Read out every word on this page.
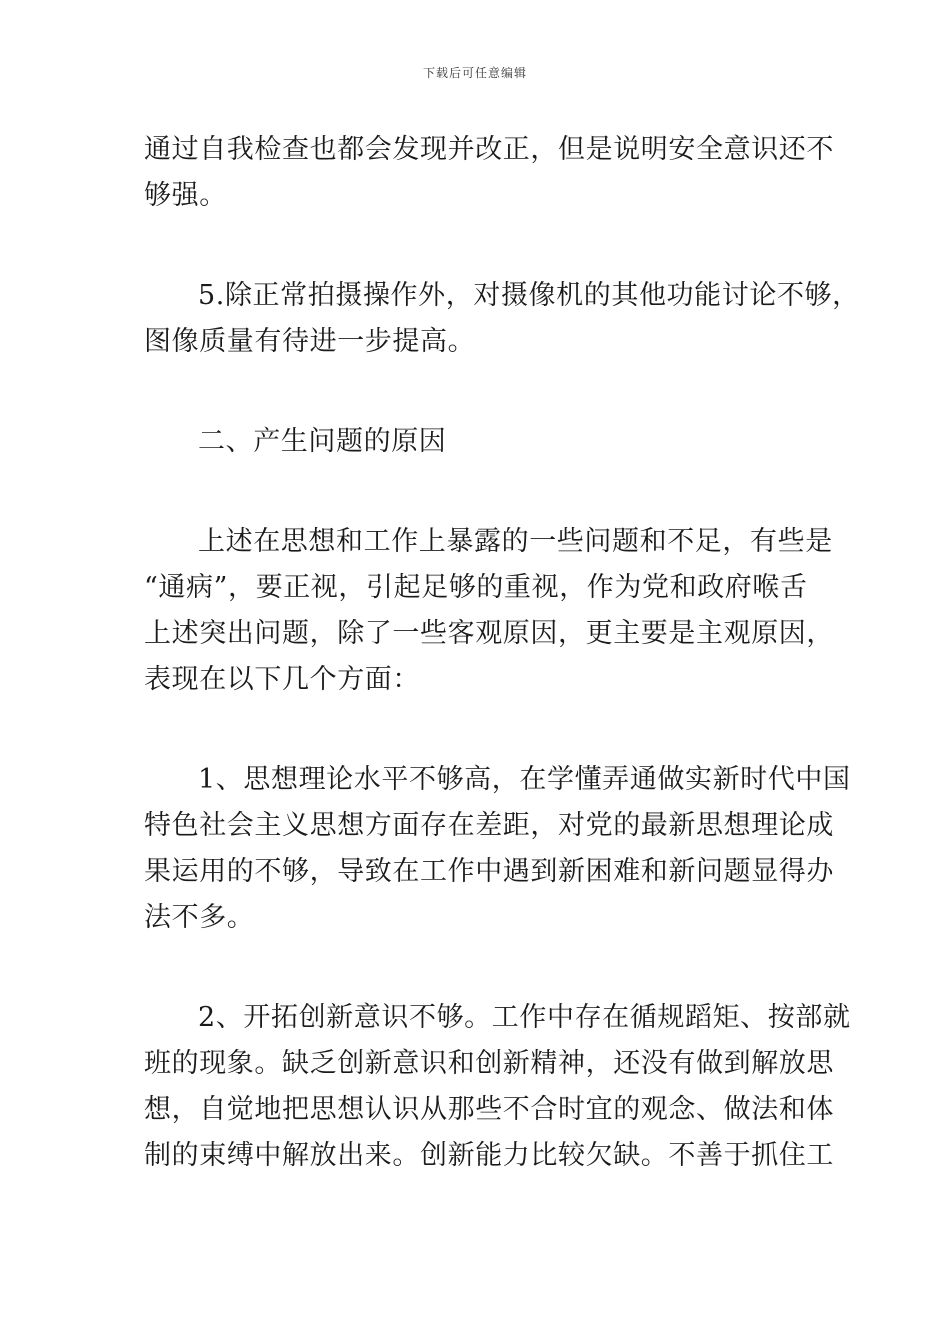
下载后可任意编辑
通过自我检查也都会发现并改正，但是说明安全意识还不
够强。
5.除正常拍摄操作外，对摄像机的其他功能讨论不够，
图像质量有待进一步提高。
二、产生问题的原因
上述在思想和工作上暴露的一些问题和不足，有些是
“通病”，要正视，引起足够的重视，作为党和政府喉舌
上述突出问题，除了一些客观原因，更主要是主观原因，
表现在以下几个方面：
1、思想理论水平不够高，在学懂弄通做实新时代中国
特色社会主义思想方面存在差距，对党的最新思想理论成
果运用的不够，导致在工作中遇到新困难和新问题显得办
法不多。
2、开拓创新意识不够。工作中存在循规蹈矩、按部就
班的现象。缺乏创新意识和创新精神，还没有做到解放思
想，自觉地把思想认识从那些不合时宜的观念、做法和体
制的束缚中解放出来。创新能力比较欠缺。不善于抓住工
